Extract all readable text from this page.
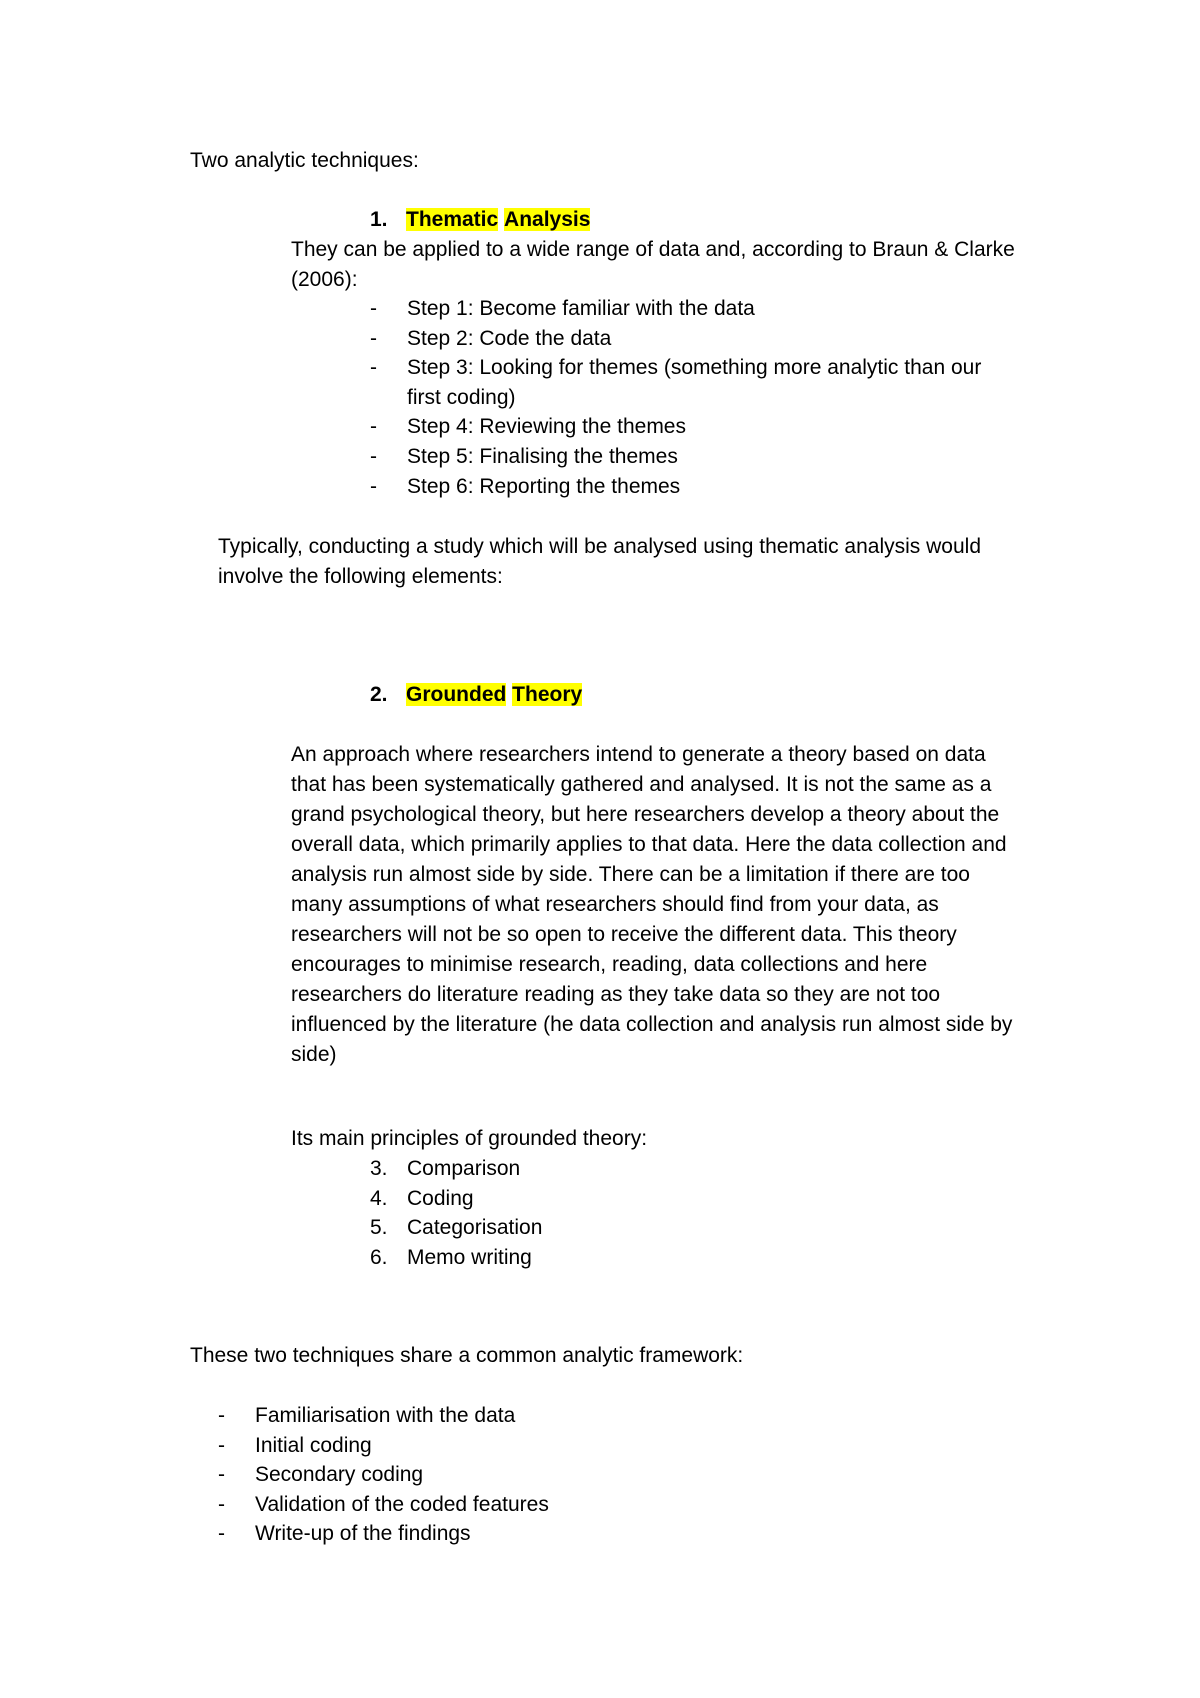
Two analytic techniques:
1. Thematic Analysis
They can be applied to a wide range of data and, according to Braun & Clarke
(2006):
- Step 1: Become familiar with the data
- Step 2: Code the data
- Step 3: Looking for themes (something more analytic than our
first coding)
- Step 4: Reviewing the themes
- Step 5: Finalising the themes
- Step 6: Reporting the themes
Typically, conducting a study which will be analysed using thematic analysis would
involve the following elements:
2. Grounded Theory
An approach where researchers intend to generate a theory based on data
that has been systematically gathered and analysed. It is not the same as a
grand psychological theory, but here researchers develop a theory about the
overall data, which primarily applies to that data. Here the data collection and
analysis run almost side by side. There can be a limitation if there are too
many assumptions of what researchers should find from your data, as
researchers will not be so open to receive the different data. This theory
encourages to minimise research, reading, data collections and here
researchers do literature reading as they take data so they are not too
influenced by the literature (he data collection and analysis run almost side by
side)
Its main principles of grounded theory:
3. Comparison
4. Coding
5. Categorisation
6. Memo writing
These two techniques share a common analytic framework:
- Familiarisation with the data
- Initial coding
- Secondary coding
- Validation of the coded features
- Write-up of the findings
